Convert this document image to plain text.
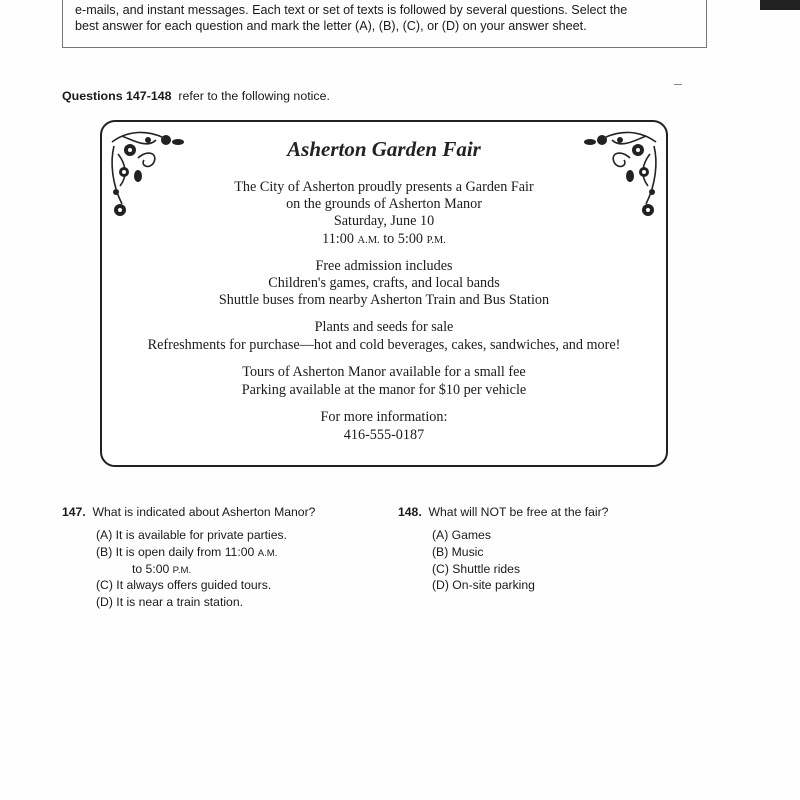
e-mails, and instant messages. Each text or set of texts is followed by several questions. Select the
best answer for each question and mark the letter (A), (B), (C), or (D) on your answer sheet.
Questions 147-148 refer to the following notice.
Asherton Garden Fair
The City of Asherton proudly presents a Garden Fair
on the grounds of Asherton Manor
Saturday, June 10
11:00 A.M. to 5:00 P.M.
Free admission includes
Children's games, crafts, and local bands
Shuttle buses from nearby Asherton Train and Bus Station
Plants and seeds for sale
Refreshments for purchase—hot and cold beverages, cakes, sandwiches, and more!
Tours of Asherton Manor available for a small fee
Parking available at the manor for $10 per vehicle
For more information:
416-555-0187
147. What is indicated about Asherton Manor?
(A) It is available for private parties.
(B) It is open daily from 11:00 A.M.
to 5:00 P.M.
(C) It always offers guided tours.
(D) It is near a train station.
148. What will NOT be free at the fair?
(A) Games
(B) Music
(C) Shuttle rides
(D) On-site parking
